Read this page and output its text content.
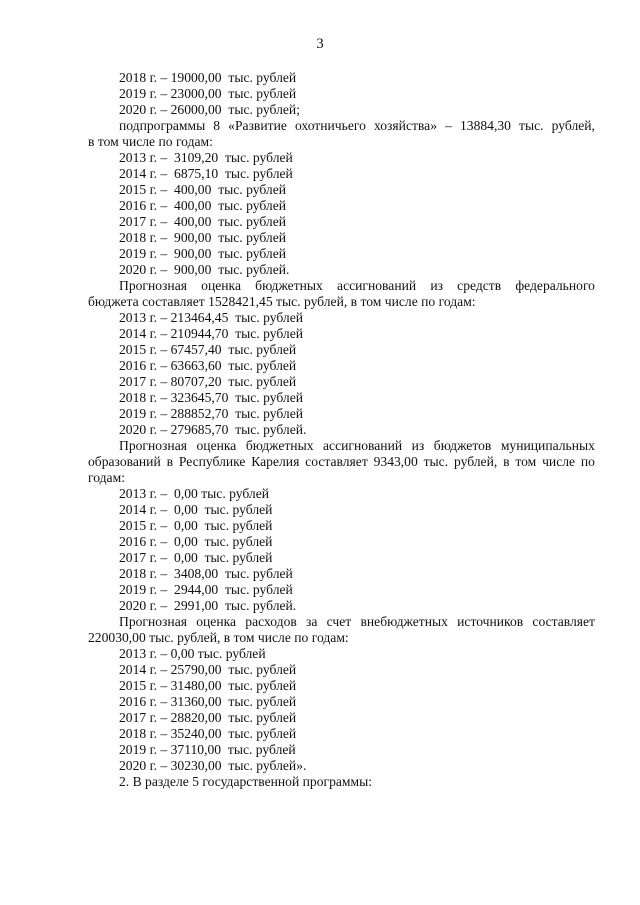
3
2018 г. – 19000,00  тыс. рублей
2019 г. – 23000,00  тыс. рублей
2020 г. – 26000,00  тыс. рублей;
подпрограммы 8 «Развитие охотничьего хозяйства» – 13884,30 тыс. рублей,
в том числе по годам:
2013 г. –  3109,20  тыс. рублей
2014 г. –  6875,10  тыс. рублей
2015 г. –  400,00  тыс. рублей
2016 г. –  400,00  тыс. рублей
2017 г. –  400,00  тыс. рублей
2018 г. –  900,00  тыс. рублей
2019 г. –  900,00  тыс. рублей
2020 г. –  900,00  тыс. рублей.
Прогнозная оценка бюджетных ассигнований из средств федерального
бюджета составляет 1528421,45 тыс. рублей, в том числе по годам:
2013 г. – 213464,45  тыс. рублей
2014 г. – 210944,70  тыс. рублей
2015 г. – 67457,40  тыс. рублей
2016 г. – 63663,60  тыс. рублей
2017 г. – 80707,20  тыс. рублей
2018 г. – 323645,70  тыс. рублей
2019 г. – 288852,70  тыс. рублей
2020 г. – 279685,70  тыс. рублей.
Прогнозная оценка бюджетных ассигнований из бюджетов муниципальных
образований в Республике Карелия составляет 9343,00 тыс. рублей, в том числе по
годам:
2013 г. –  0,00 тыс. рублей
2014 г. –  0,00  тыс. рублей
2015 г. –  0,00  тыс. рублей
2016 г. –  0,00  тыс. рублей
2017 г. –  0,00  тыс. рублей
2018 г. –  3408,00  тыс. рублей
2019 г. –  2944,00  тыс. рублей
2020 г. –  2991,00  тыс. рублей.
Прогнозная оценка расходов за счет внебюджетных источников составляет
220030,00 тыс. рублей, в том числе по годам:
2013 г. – 0,00 тыс. рублей
2014 г. – 25790,00  тыс. рублей
2015 г. – 31480,00  тыс. рублей
2016 г. – 31360,00  тыс. рублей
2017 г. – 28820,00  тыс. рублей
2018 г. – 35240,00  тыс. рублей
2019 г. – 37110,00  тыс. рублей
2020 г. – 30230,00  тыс. рублей».
2. В разделе 5 государственной программы:
